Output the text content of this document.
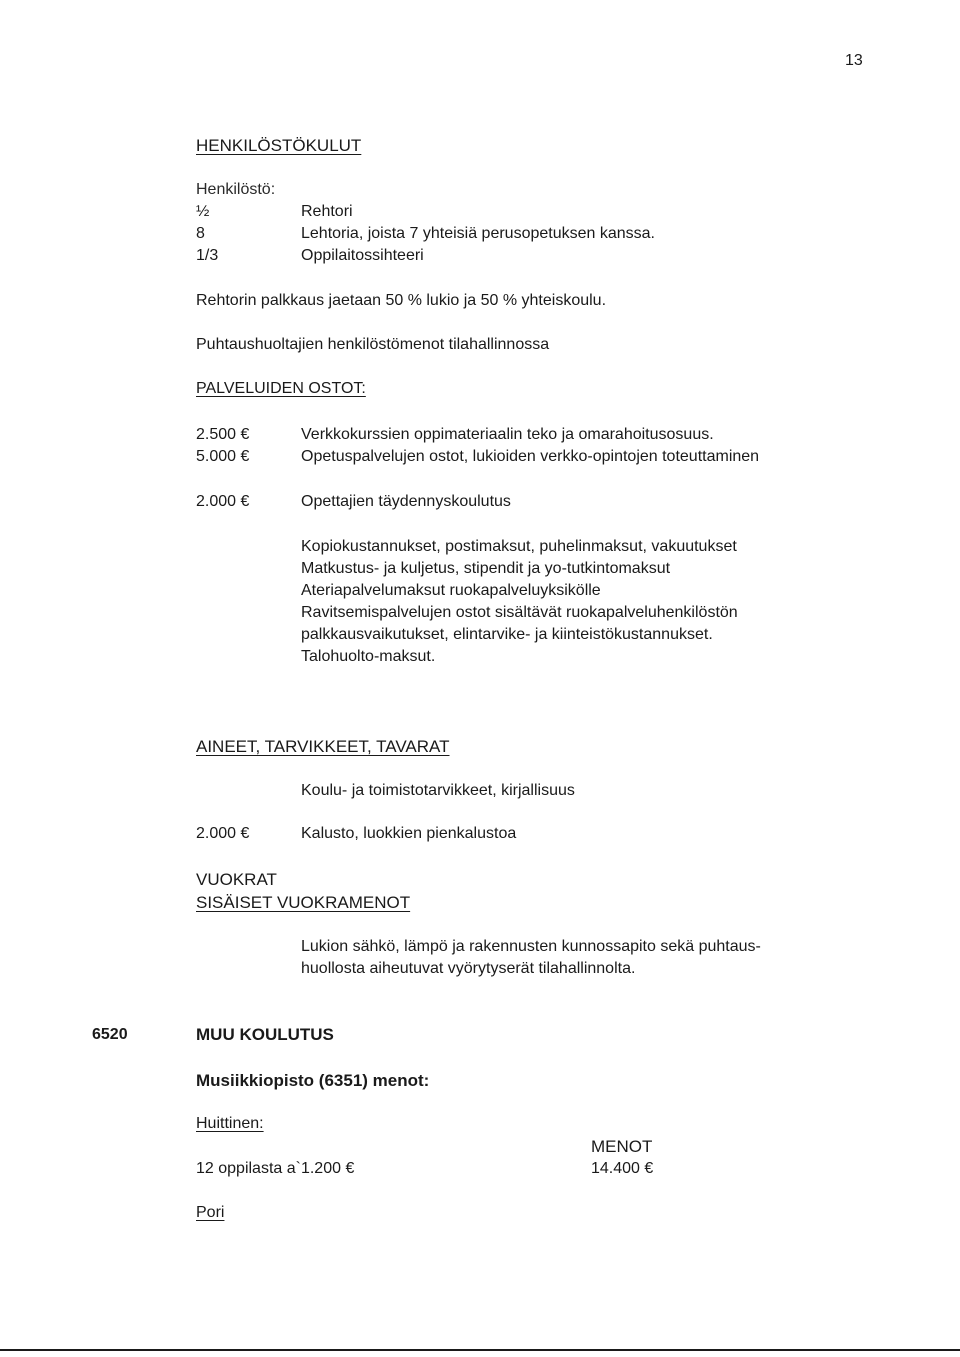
13
HENKILÖSTÖKULUT
Henkilöstö:
½	Rehtori
8	Lehtoria, joista 7 yhteisiä perusopetuksen kanssa.
1/3	Oppilaitossihteeri
Rehtorin palkkaus jaetaan 50 % lukio ja 50 % yhteiskoulu.
Puhtaushuoltajien henkilöstömenot tilahallinnossa
PALVELUIDEN OSTOT:
2.500 €	Verkkokurssien oppimateriaalin teko ja omarahoitusosuus.
5.000 €	Opetuspalvelujen ostot, lukioiden verkko-opintojen toteuttaminen
2.000 €	Opettajien täydennyskoulutus
Kopiokustannukset, postimaksut, puhelinmaksut, vakuutukset
Matkustus- ja kuljetus, stipendit ja yo-tutkintomaksut
Ateriapalvelumaksut ruokapalveluyksikölle
Ravitsemispalvelujen ostot sisältävät ruokapalveluhenkilöstön
palkkausvaikutukset, elintarvike- ja kiinteistökustannukset.
Talohuolto-maksut.
AINEET, TARVIKKEET, TAVARAT
Koulu- ja toimistotarvikkeet, kirjallisuus
2.000 €	Kalusto, luokkien pienkalustoa
VUOKRAT
SISÄISET VUOKRAMENOT
Lukion sähkö, lämpö ja rakennusten kunnossapito sekä puhtaus-
huollosta aiheutuvat vyörytyserät tilahallinnolta.
6520	MUU KOULUTUS
Musiikkiopisto (6351) menot:
Huittinen:
MENOT
12 oppilasta a`1.200 €	14.400 €
Pori
